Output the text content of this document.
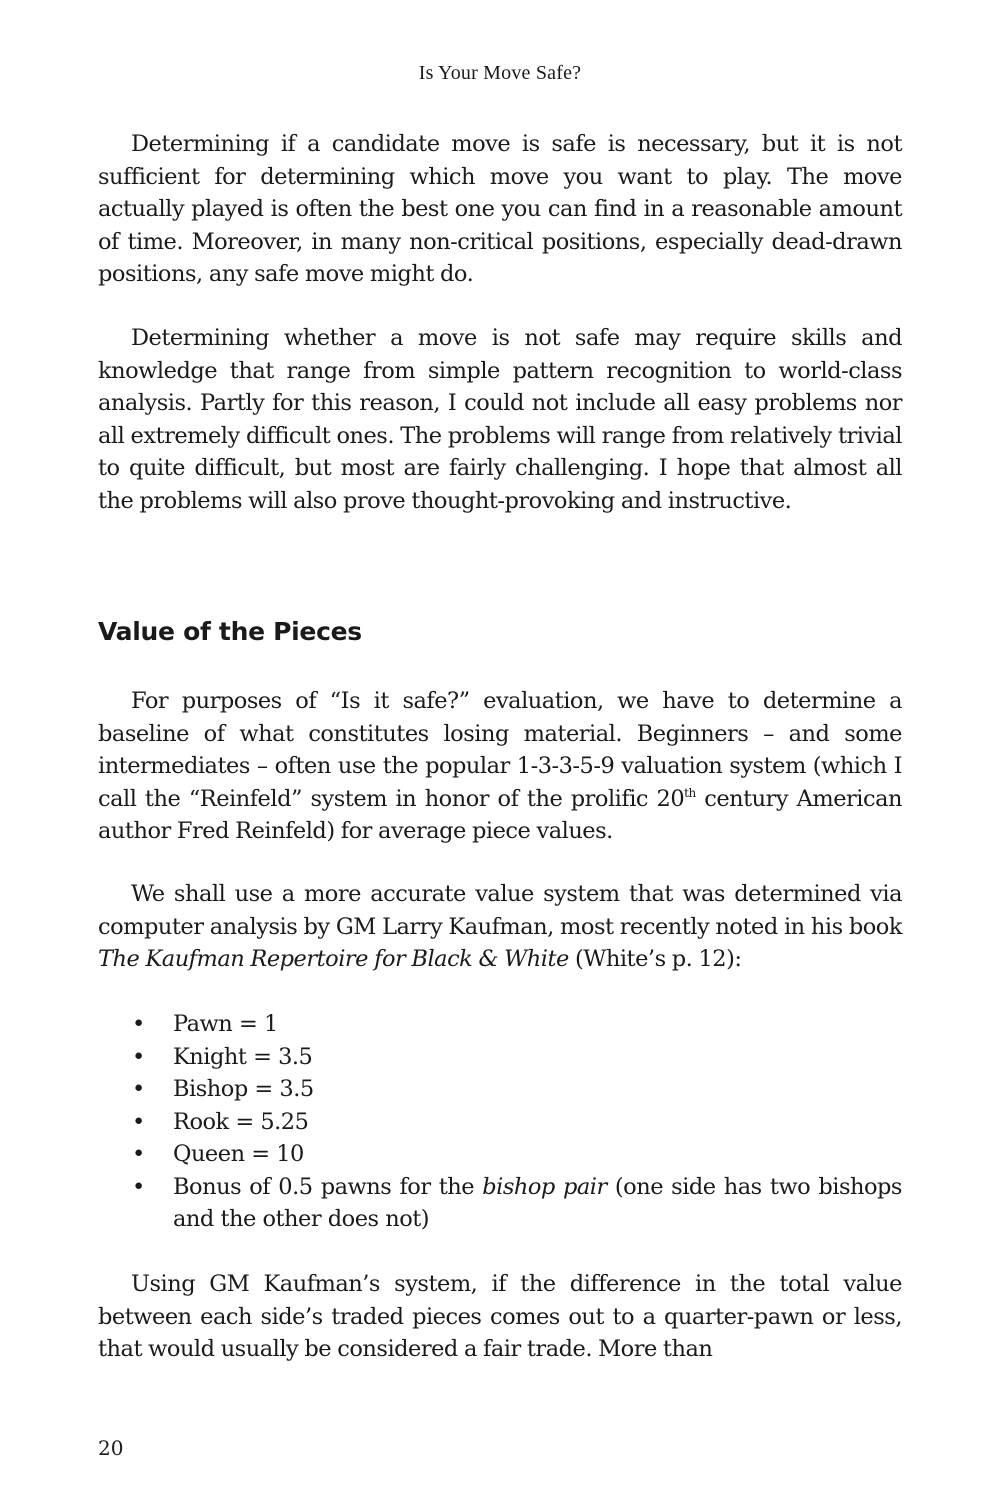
Is Your Move Safe?

Determining if a candidate move is safe is necessary, but it is not sufficient for determining which move you want to play. The move actually played is often the best one you can find in a reasonable amount of time. Moreover, in many non-critical positions, especially dead-drawn positions, any safe move might do.

Determining whether a move is not safe may require skills and knowledge that range from simple pattern recognition to world-class analysis. Partly for this reason, I could not include all easy problems nor all extremely difficult ones. The problems will range from relatively trivial to quite difficult, but most are fairly challenging. I hope that almost all the problems will also prove thought-provoking and instructive.

Value of the Pieces

For purposes of “Is it safe?” evaluation, we have to determine a baseline of what constitutes losing material. Beginners – and some intermediates – often use the popular 1-3-3-5-9 valuation system (which I call the “Reinfeld” system in honor of the prolific 20th century American author Fred Reinfeld) for average piece values.

We shall use a more accurate value system that was determined via computer analysis by GM Larry Kaufman, most recently noted in his book The Kaufman Repertoire for Black & White (White’s p. 12):

• Pawn = 1
• Knight = 3.5
• Bishop = 3.5
• Rook = 5.25
• Queen = 10
• Bonus of 0.5 pawns for the bishop pair (one side has two bishops and the other does not)

Using GM Kaufman’s system, if the difference in the total value between each side’s traded pieces comes out to a quarter-pawn or less, that would usually be considered a fair trade. More than

20
